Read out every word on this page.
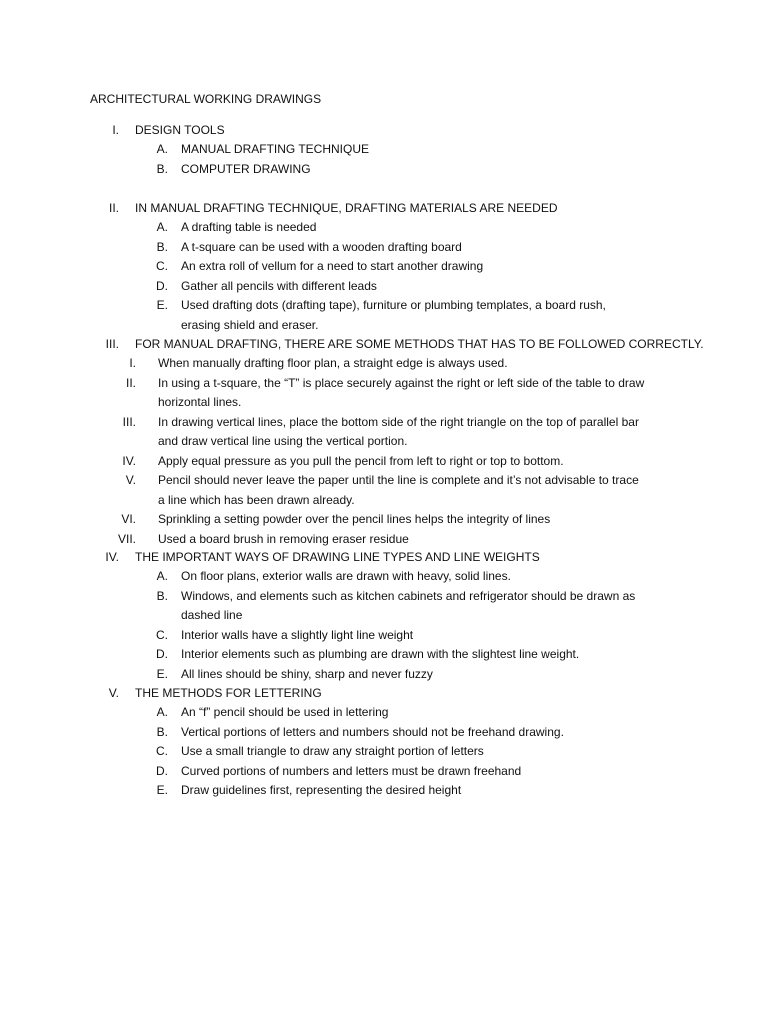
ARCHITECTURAL WORKING DRAWINGS
I. DESIGN TOOLS
A. MANUAL DRAFTING TECHNIQUE
B. COMPUTER DRAWING
II. IN MANUAL DRAFTING TECHNIQUE, DRAFTING MATERIALS ARE NEEDED
A. A drafting table is needed
B. A t-square can be used with a wooden drafting board
C. An extra roll of vellum for a need to start another drawing
D. Gather all pencils with different leads
E. Used drafting dots (drafting tape), furniture or plumbing templates, a board rush,
erasing shield and eraser.
III. FOR MANUAL DRAFTING, THERE ARE SOME METHODS THAT HAS TO BE FOLLOWED CORRECTLY.
I. When manually drafting floor plan, a straight edge is always used.
II. In using a t-square, the “T” is place securely against the right or left side of the table to draw
horizontal lines.
III. In drawing vertical lines, place the bottom side of the right triangle on the top of parallel bar
and draw vertical line using the vertical portion.
IV. Apply equal pressure as you pull the pencil from left to right or top to bottom.
V. Pencil should never leave the paper until the line is complete and it’s not advisable to trace
a line which has been drawn already.
VI. Sprinkling a setting powder over the pencil lines helps the integrity of lines
VII. Used a board brush in removing eraser residue
IV. THE IMPORTANT WAYS OF DRAWING LINE TYPES AND LINE WEIGHTS
A. On floor plans, exterior walls are drawn with heavy, solid lines.
B. Windows, and elements such as kitchen cabinets and refrigerator should be drawn as
dashed line
C. Interior walls have a slightly light line weight
D. Interior elements such as plumbing are drawn with the slightest line weight.
E. All lines should be shiny, sharp and never fuzzy
V. THE METHODS FOR LETTERING
A. An “f” pencil should be used in lettering
B. Vertical portions of letters and numbers should not be freehand drawing.
C. Use a small triangle to draw any straight portion of letters
D. Curved portions of numbers and letters must be drawn freehand
E. Draw guidelines first, representing the desired height
